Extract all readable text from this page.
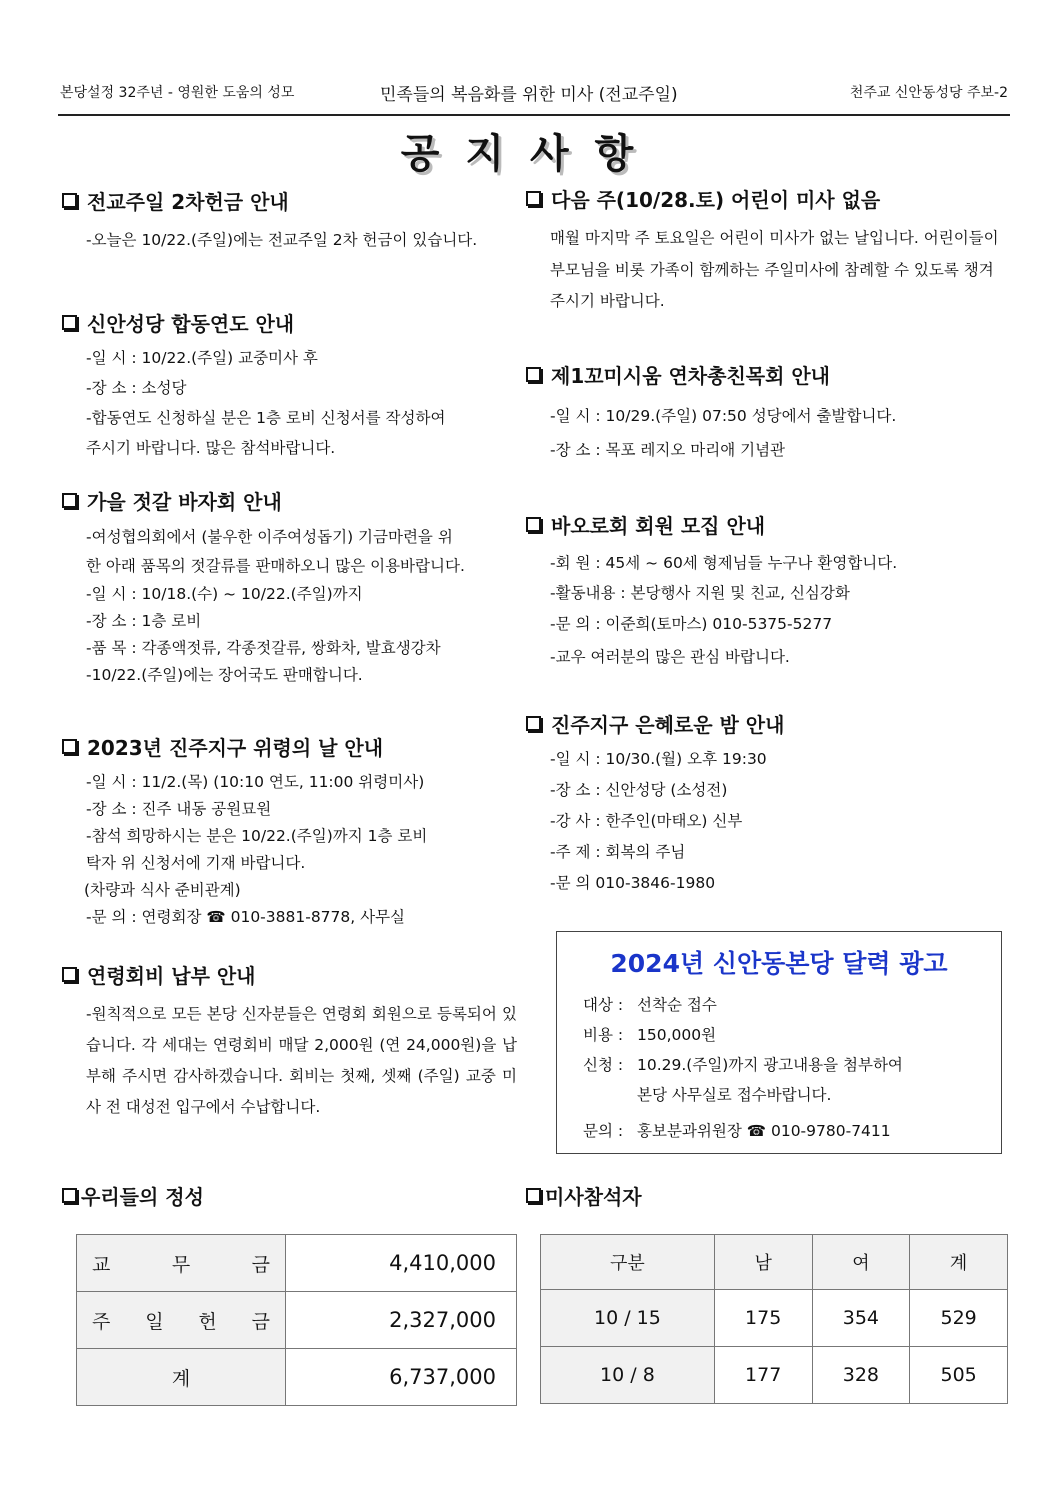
본당설정 32주년 - 영원한 도움의 성모	민족들의 복음화를 위한 미사 (전교주일)	천주교 신안동성당 주보-2
공지사항
전교주일 2차헌금 안내

-오늘은 10/22.(주일)에는 전교주일 2차 헌금이 있습니다.

신안성당 합동연도 안내
-일 시 : 10/22.(주일) 교중미사 후
-장 소 : 소성당
-합동연도 신청하실 분은 1층 로비 신청서를 작성하여
주시기 바랍니다. 많은 참석바랍니다.
가을 젓갈 바자회 안내
-여성협의회에서 (불우한 이주여성돕기) 기금마련을 위
한 아래 품목의 젓갈류를 판매하오니 많은 이용바랍니다.
-일 시 : 10/18.(수) ~ 10/22.(주일)까지
-장 소 : 1층 로비
-품 목 : 각종액젓류, 각종젓갈류, 쌍화차, 발효생강차
-10/22.(주일)에는 장어국도 판매합니다.
2023년 진주지구 위령의 날 안내
-일 시 : 11/2.(목) (10:10 연도, 11:00 위령미사)
-장 소 : 진주 내동 공원묘원
-참석 희망하시는 분은 10/22.(주일)까지 1층 로비
탁자 위 신청서에 기재 바랍니다.
(차량과 식사 준비관계)
-문 의 : 연령회장 ☎ 010-3881-8778, 사무실
연령회비 납부 안내

-원칙적으로 모든 본당 신자분들은 연령회 회원으로 등록되어 있습니다. 각 세대는 연령회비 매달 2,000원 (연 24,000원)을 납부해 주시면 감사하겠습니다. 회비는 첫째, 셋째 (주일) 교중 미사 전 대성전 입구에서 수납합니다.

다음 주(10/28.토) 어린이 미사 없음

매월 마지막 주 토요일은 어린이 미사가 없는 날입니다. 어린이들이 부모님을 비롯 가족이 함께하는 주일미사에 참례할 수 있도록 챙겨주시기 바랍니다.

제1꼬미시움 연차총친목회 안내
-일 시 : 10/29.(주일) 07:50 성당에서 출발합니다.
-장 소 : 목포 레지오 마리애 기념관
바오로회 회원 모집 안내
-회 원 : 45세 ~ 60세 형제님들 누구나 환영합니다.
-활동내용 : 본당행사 지원 및 친교, 신심강화
-문 의 : 이준희(토마스) 010-5375-5277
-교우 여러분의 많은 관심 바랍니다.
진주지구 은혜로운 밤 안내
-일 시 : 10/30.(월) 오후 19:30
-장 소 : 신안성당 (소성전)
-강 사 : 한주인(마태오) 신부
-주 제 : 회복의 주님
-문 의 010-3846-1980
2024년 신안동본당 달력 광고
대상 : 선착순 접수
비용 : 150,000원
신청 : 10.29.(주일)까지 광고내용을 첨부하여
본당 사무실로 접수바랍니다.
문의 : 홍보분과위원장 ☎ 010-9780-7411
우리들의 정성
교 무 금	4,410,000

주 일 헌 금	2,327,000
계	6,737,000
미사참석자
구분	남	여	계
10 / 15	175	354	529
10 / 8	177	328	505
